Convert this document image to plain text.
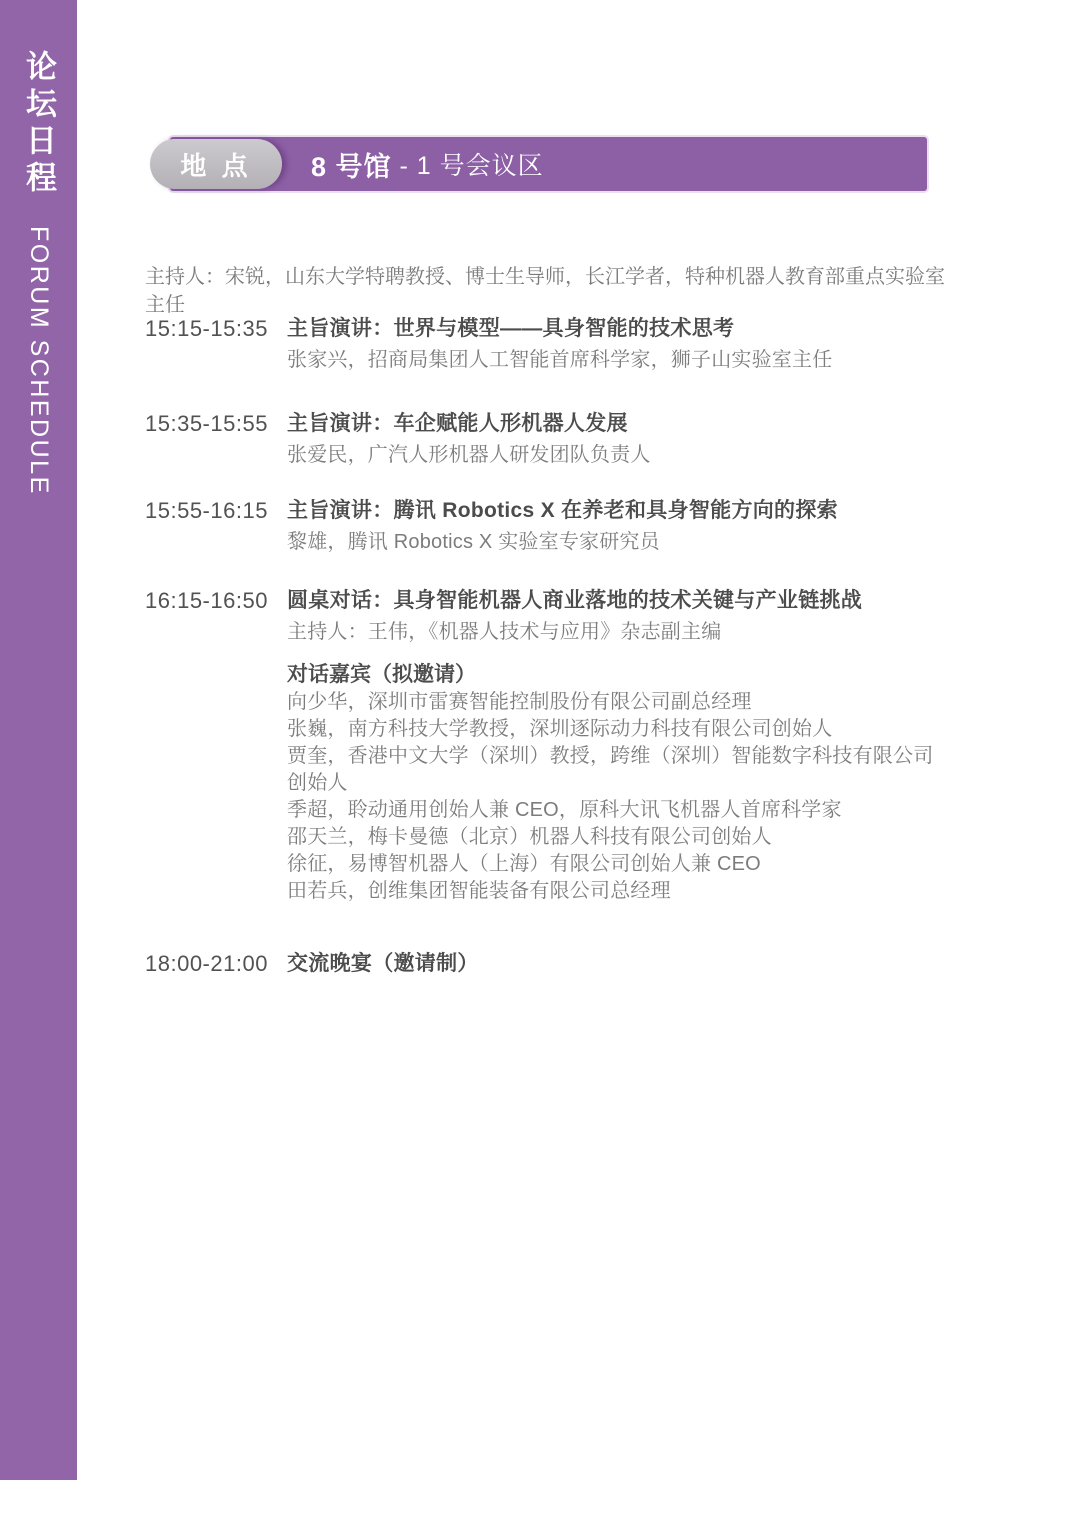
论坛日程
FORUM SCHEDULE
地 点	8 号馆 - 1 号会议区
主持人：宋锐，山东大学特聘教授、博士生导师，长江学者，特种机器人教育部重点实验室主任
15:15-15:35 主旨演讲：世界与模型——具身智能的技术思考
张家兴，招商局集团人工智能首席科学家，狮子山实验室主任
15:35-15:55 主旨演讲：车企赋能人形机器人发展
张爱民，广汽人形机器人研发团队负责人
15:55-16:15 主旨演讲：腾讯 Robotics X 在养老和具身智能方向的探索
黎雄，腾讯 Robotics X 实验室专家研究员
16:15-16:50 圆桌对话：具身智能机器人商业落地的技术关键与产业链挑战
主持人：王伟，《机器人技术与应用》杂志副主编
对话嘉宾（拟邀请）
向少华，深圳市雷赛智能控制股份有限公司副总经理
张巍，南方科技大学教授，深圳逐际动力科技有限公司创始人
贾奎，香港中文大学（深圳）教授，跨维（深圳）智能数字科技有限公司创始人
季超，聆动通用创始人兼 CEO，原科大讯飞机器人首席科学家
邵天兰，梅卡曼德（北京）机器人科技有限公司创始人
徐征，易博智机器人（上海）有限公司创始人兼 CEO
田若兵，创维集团智能装备有限公司总经理
18:00-21:00 交流晚宴（邀请制）
